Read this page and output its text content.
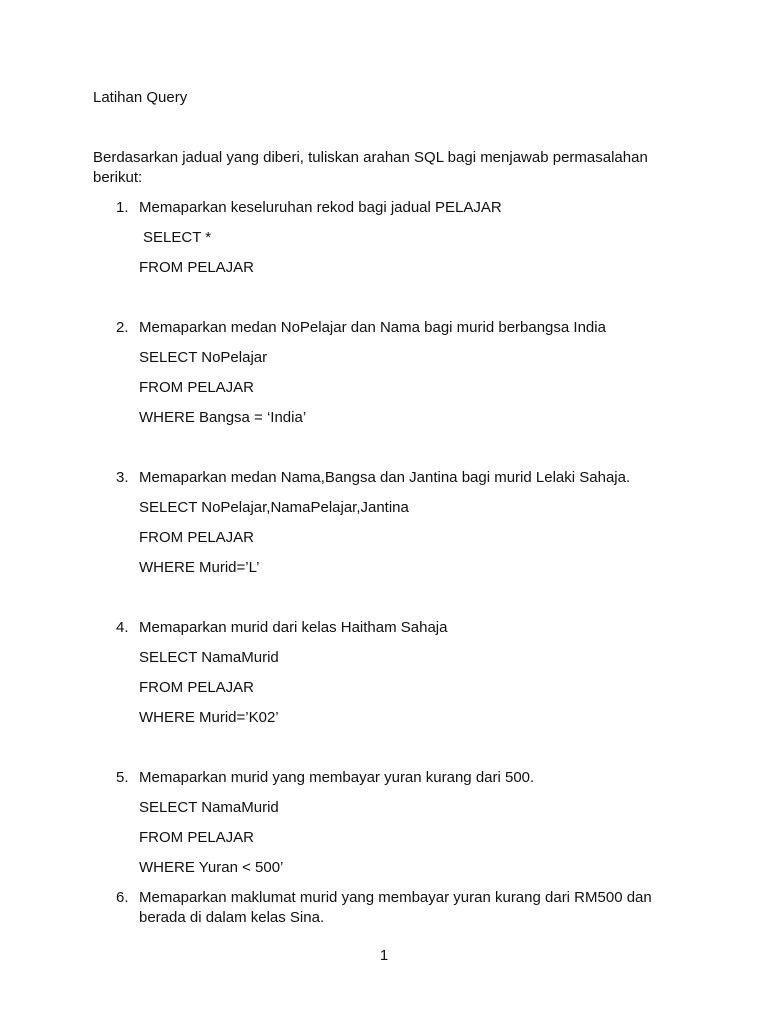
Latihan Query
Berdasarkan jadual yang diberi, tuliskan arahan SQL bagi menjawab permasalahan
berikut:
1. Memaparkan keseluruhan rekod bagi jadual PELAJAR
SELECT *
FROM PELAJAR
2. Memaparkan medan NoPelajar dan Nama bagi murid berbangsa India
SELECT NoPelajar
FROM PELAJAR
WHERE Bangsa = ‘India’
3. Memaparkan medan Nama,Bangsa dan Jantina bagi murid Lelaki Sahaja.
SELECT NoPelajar,NamaPelajar,Jantina
FROM PELAJAR
WHERE Murid=’L’
4. Memaparkan murid dari kelas Haitham Sahaja
SELECT NamaMurid
FROM PELAJAR
WHERE Murid=’K02’
5. Memaparkan murid yang membayar yuran kurang dari 500.
SELECT NamaMurid
FROM PELAJAR
WHERE Yuran < 500’
6. Memaparkan maklumat murid yang membayar yuran kurang dari RM500 dan
berada di dalam kelas Sina.
1
